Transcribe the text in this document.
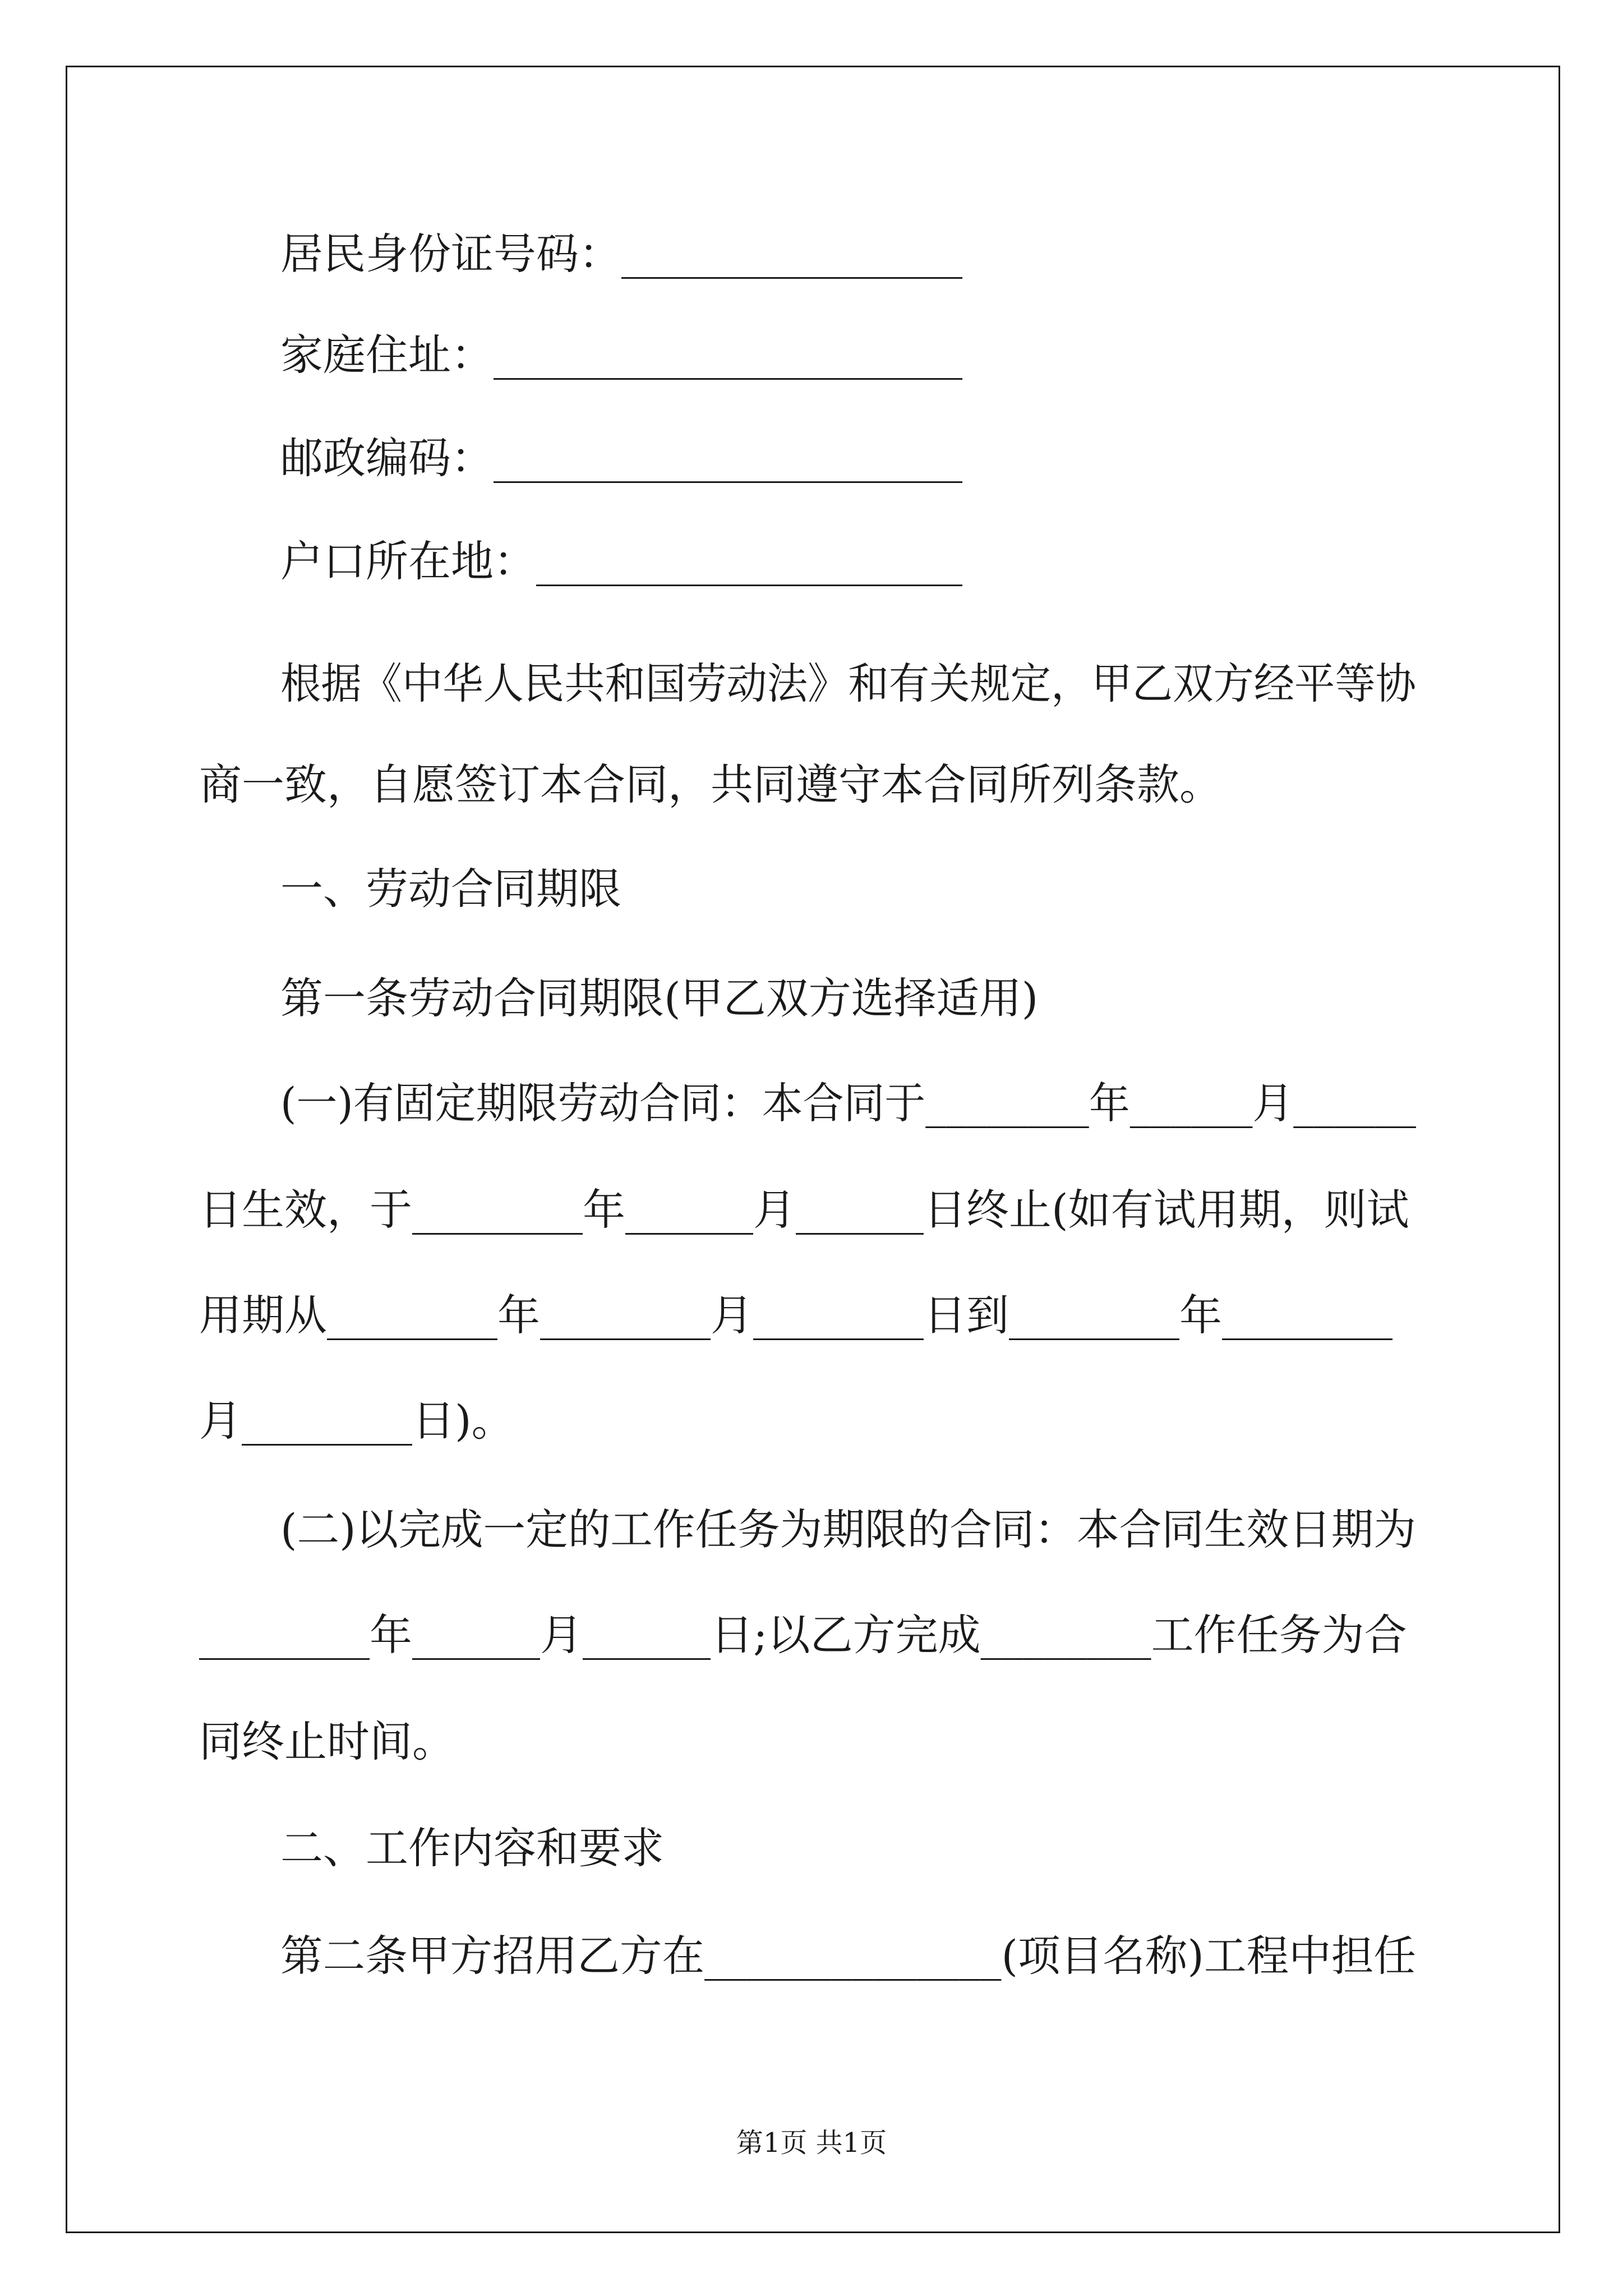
居民身份证号码：________________

家庭住址：______________________

邮政编码：______________________

户口所在地：____________________

根据《中华人民共和国劳动法》和有关规定，甲乙双方经平等协

商一致，自愿签订本合同，共同遵守本合同所列条款。

一、劳动合同期限

第一条劳动合同期限(甲乙双方选择适用)

(一)有固定期限劳动合同：本合同于________年______月______

日生效，于________年______月______日终止(如有试用期，则试

用期从________年________月________日到________年________

月________日)。

(二)以完成一定的工作任务为期限的合同：本合同生效日期为

________年______月______日;以乙方完成________工作任务为合

同终止时间。

二、工作内容和要求

第二条甲方招用乙方在______________(项目名称)工程中担任

第1页 共1页
